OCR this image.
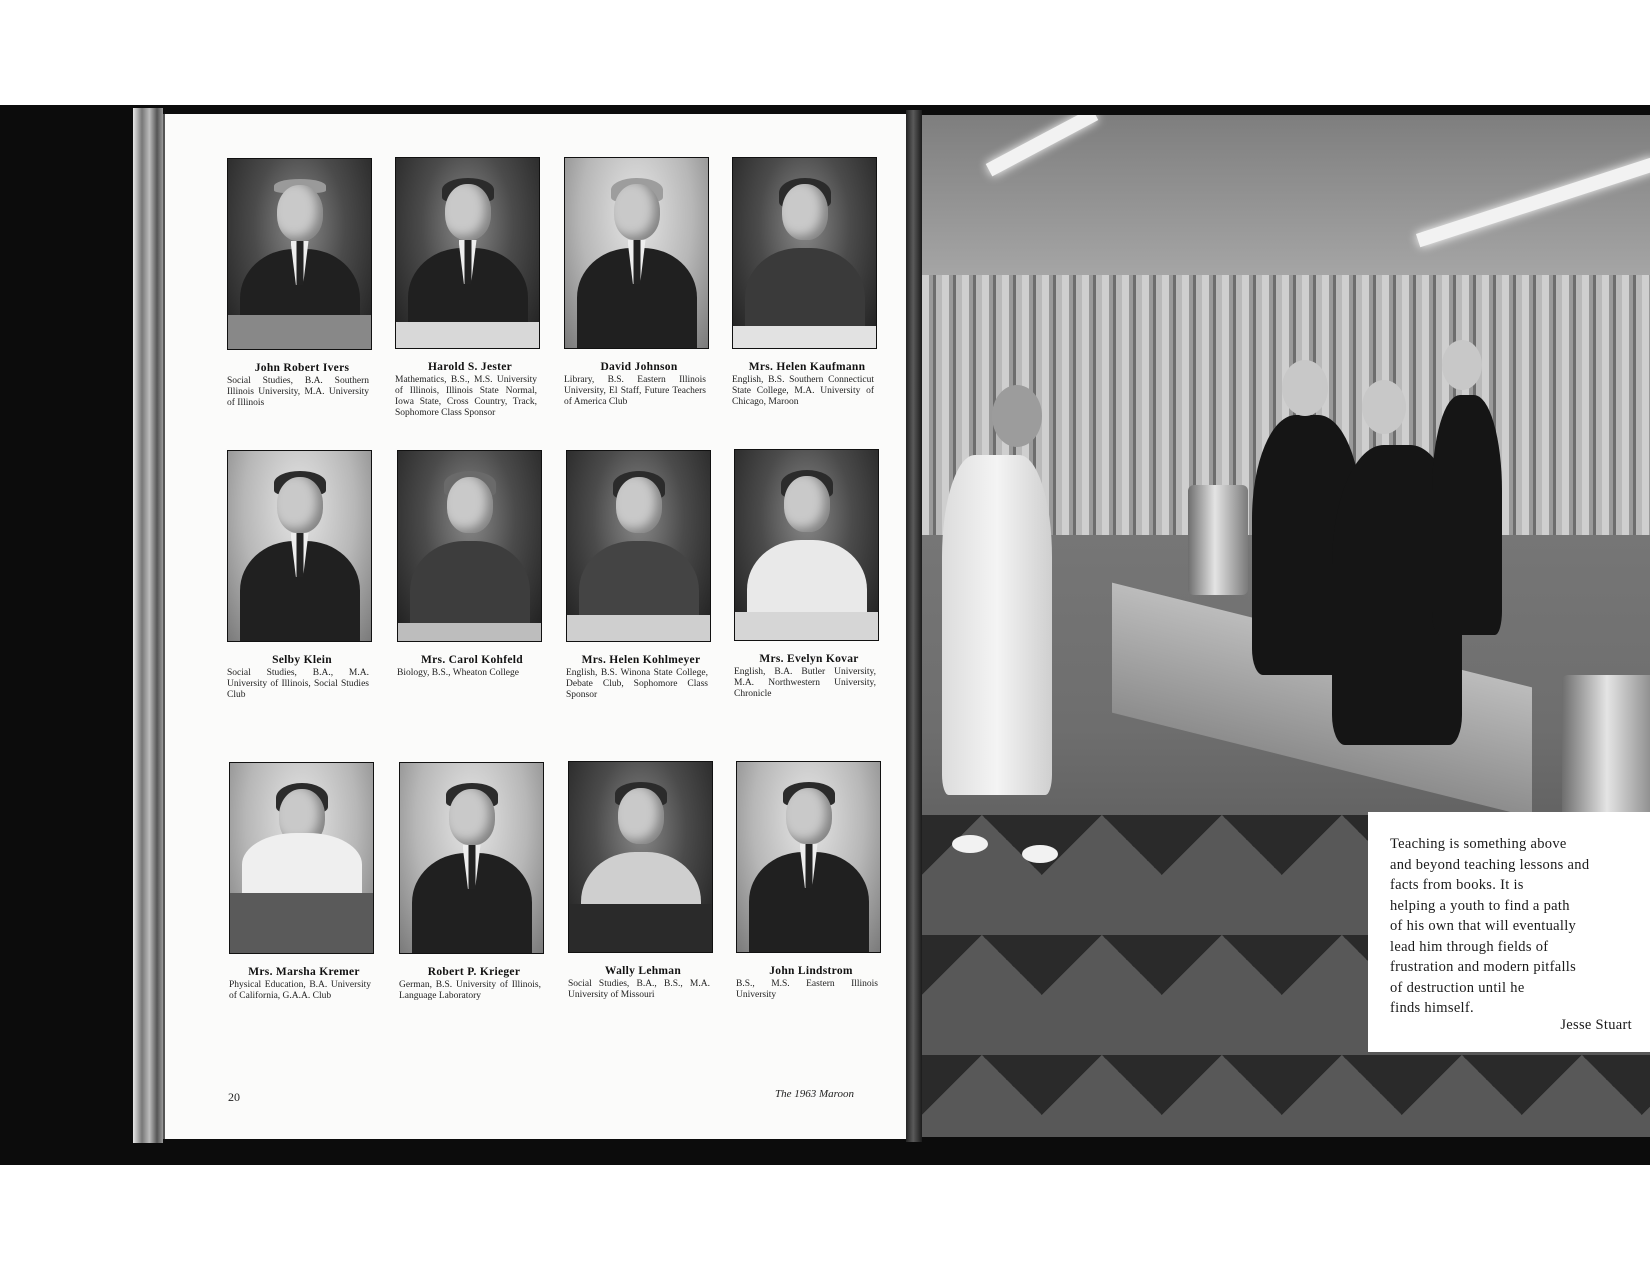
John Robert Ivers
Social Studies, B.A. Southern Illinois University, M.A. University of Illinois
Harold S. Jester
Mathematics, B.S., M.S. University of Illinois, Illinois State Normal, Iowa State, Cross Country, Track, Sophomore Class Sponsor
David Johnson
Library, B.S. Eastern Illinois University, El Staff, Future Teachers of America Club
Mrs. Helen Kaufmann
English, B.S. Southern Connecticut State College, M.A. University of Chicago, Maroon
Selby Klein
Social Studies, B.A., M.A. University of Illinois, Social Studies Club
Mrs. Carol Kohfeld
Biology, B.S., Wheaton College
Mrs. Helen Kohlmeyer
English, B.S. Winona State College, Debate Club, Sophomore Class Sponsor
Mrs. Evelyn Kovar
English, B.A. Butler University, M.A. Northwestern University, Chronicle
Mrs. Marsha Kremer
Physical Education, B.A. University of California, G.A.A. Club
Robert P. Krieger
German, B.S. University of Illinois, Language Laboratory
Wally Lehman
Social Studies, B.A., B.S., M.A. University of Missouri
John Lindstrom
B.S., M.S. Eastern Illinois University
20	The 1963 Maroon
Teaching is something above
and beyond teaching lessons and
facts from books. It is
helping a youth to find a path
of his own that will eventually
lead him through fields of
frustration and modern pitfalls
of destruction until he
finds himself.
Jesse Stuart
